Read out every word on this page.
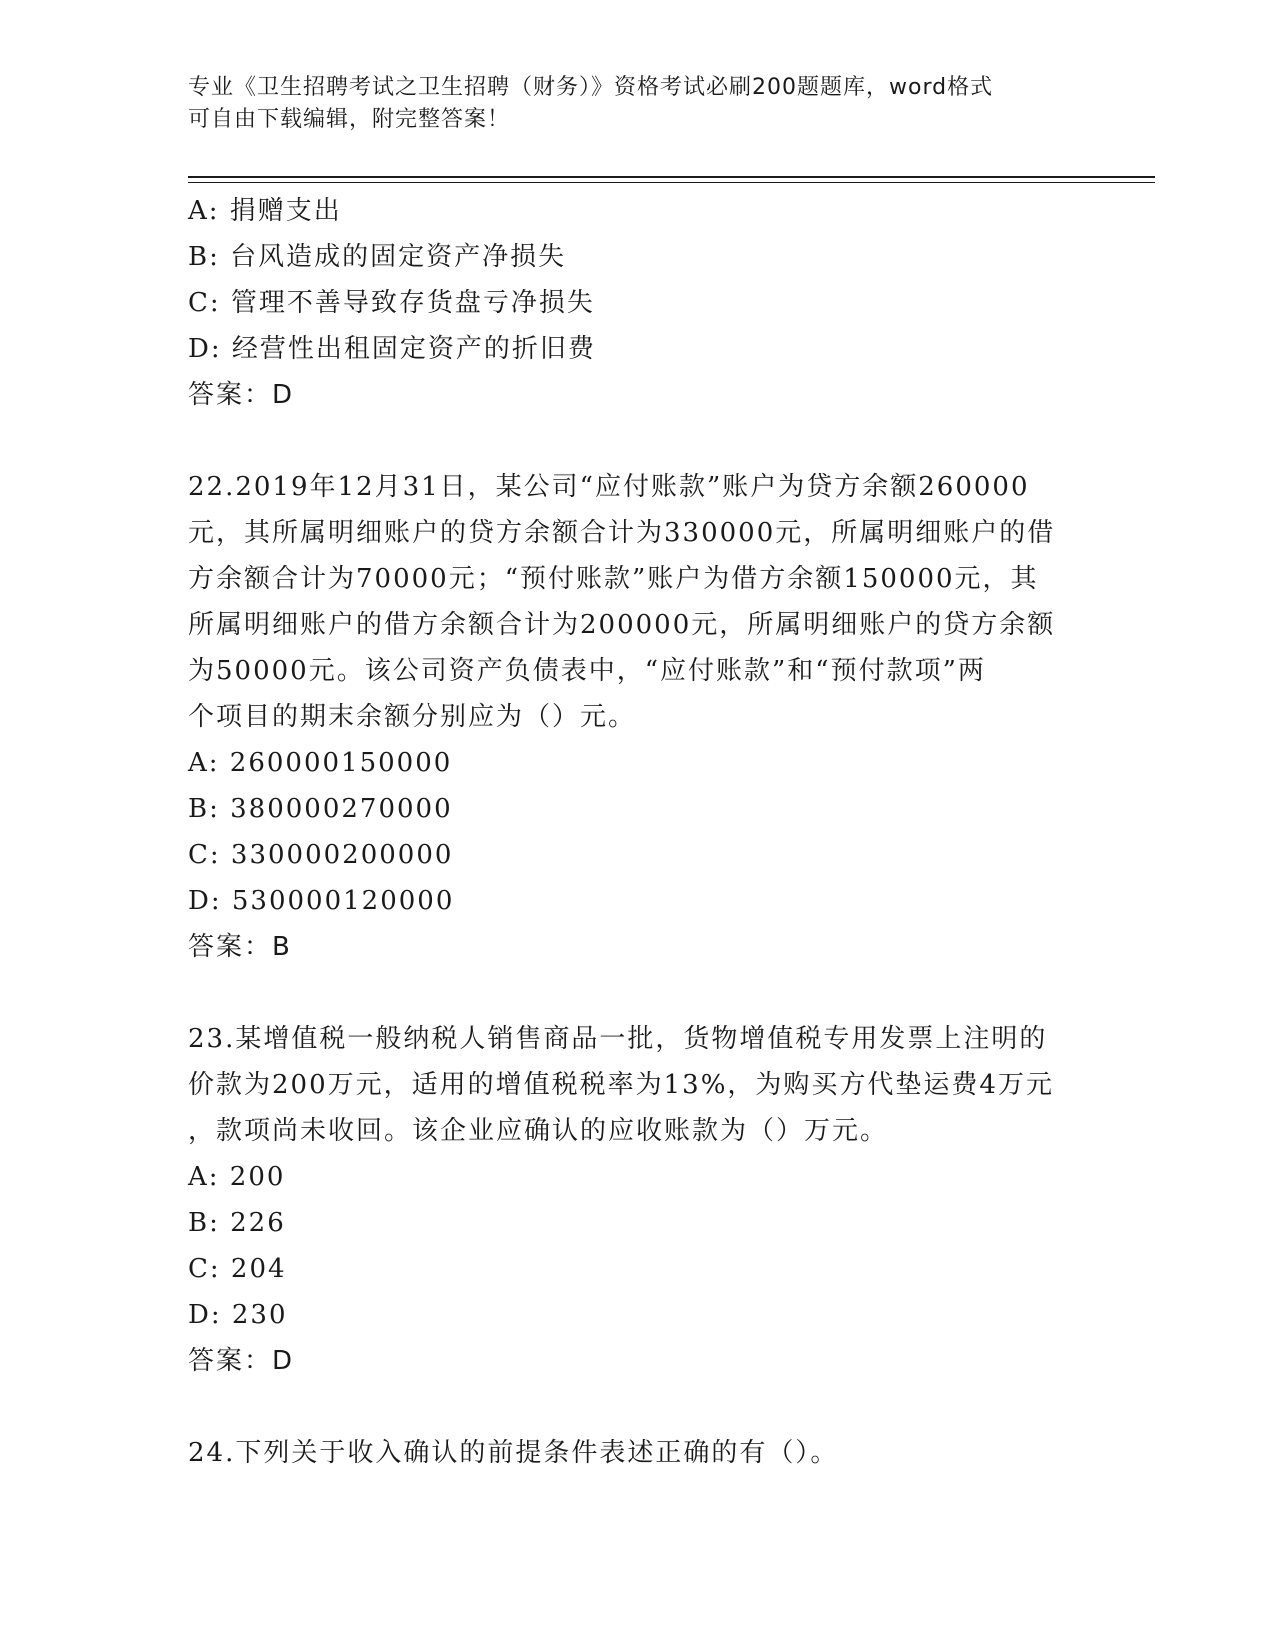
专业《卫生招聘考试之卫生招聘（财务）》资格考试必刷200题题库，word格式
可自由下载编辑，附完整答案！
A: 捐赠支出
B: 台风造成的固定资产净损失
C: 管理不善导致存货盘亏净损失
D: 经营性出租固定资产的折旧费
答案：D
22.2019年12月31日，某公司“应付账款”账户为贷方余额260000
元，其所属明细账户的贷方余额合计为330000元，所属明细账户的借
方余额合计为70000元；“预付账款”账户为借方余额150000元，其
所属明细账户的借方余额合计为200000元，所属明细账户的贷方余额
为50000元。该公司资产负债表中，“应付账款”和“预付款项”两
个项目的期末余额分别应为（）元。
A: 260000150000
B: 380000270000
C: 330000200000
D: 530000120000
答案：B
23.某增值税一般纳税人销售商品一批，货物增值税专用发票上注明的
价款为200万元，适用的增值税税率为13%，为购买方代垫运费4万元
，款项尚未收回。该企业应确认的应收账款为（）万元。
A: 200
B: 226
C: 204
D: 230
答案：D
24.下列关于收入确认的前提条件表述正确的有（）。
